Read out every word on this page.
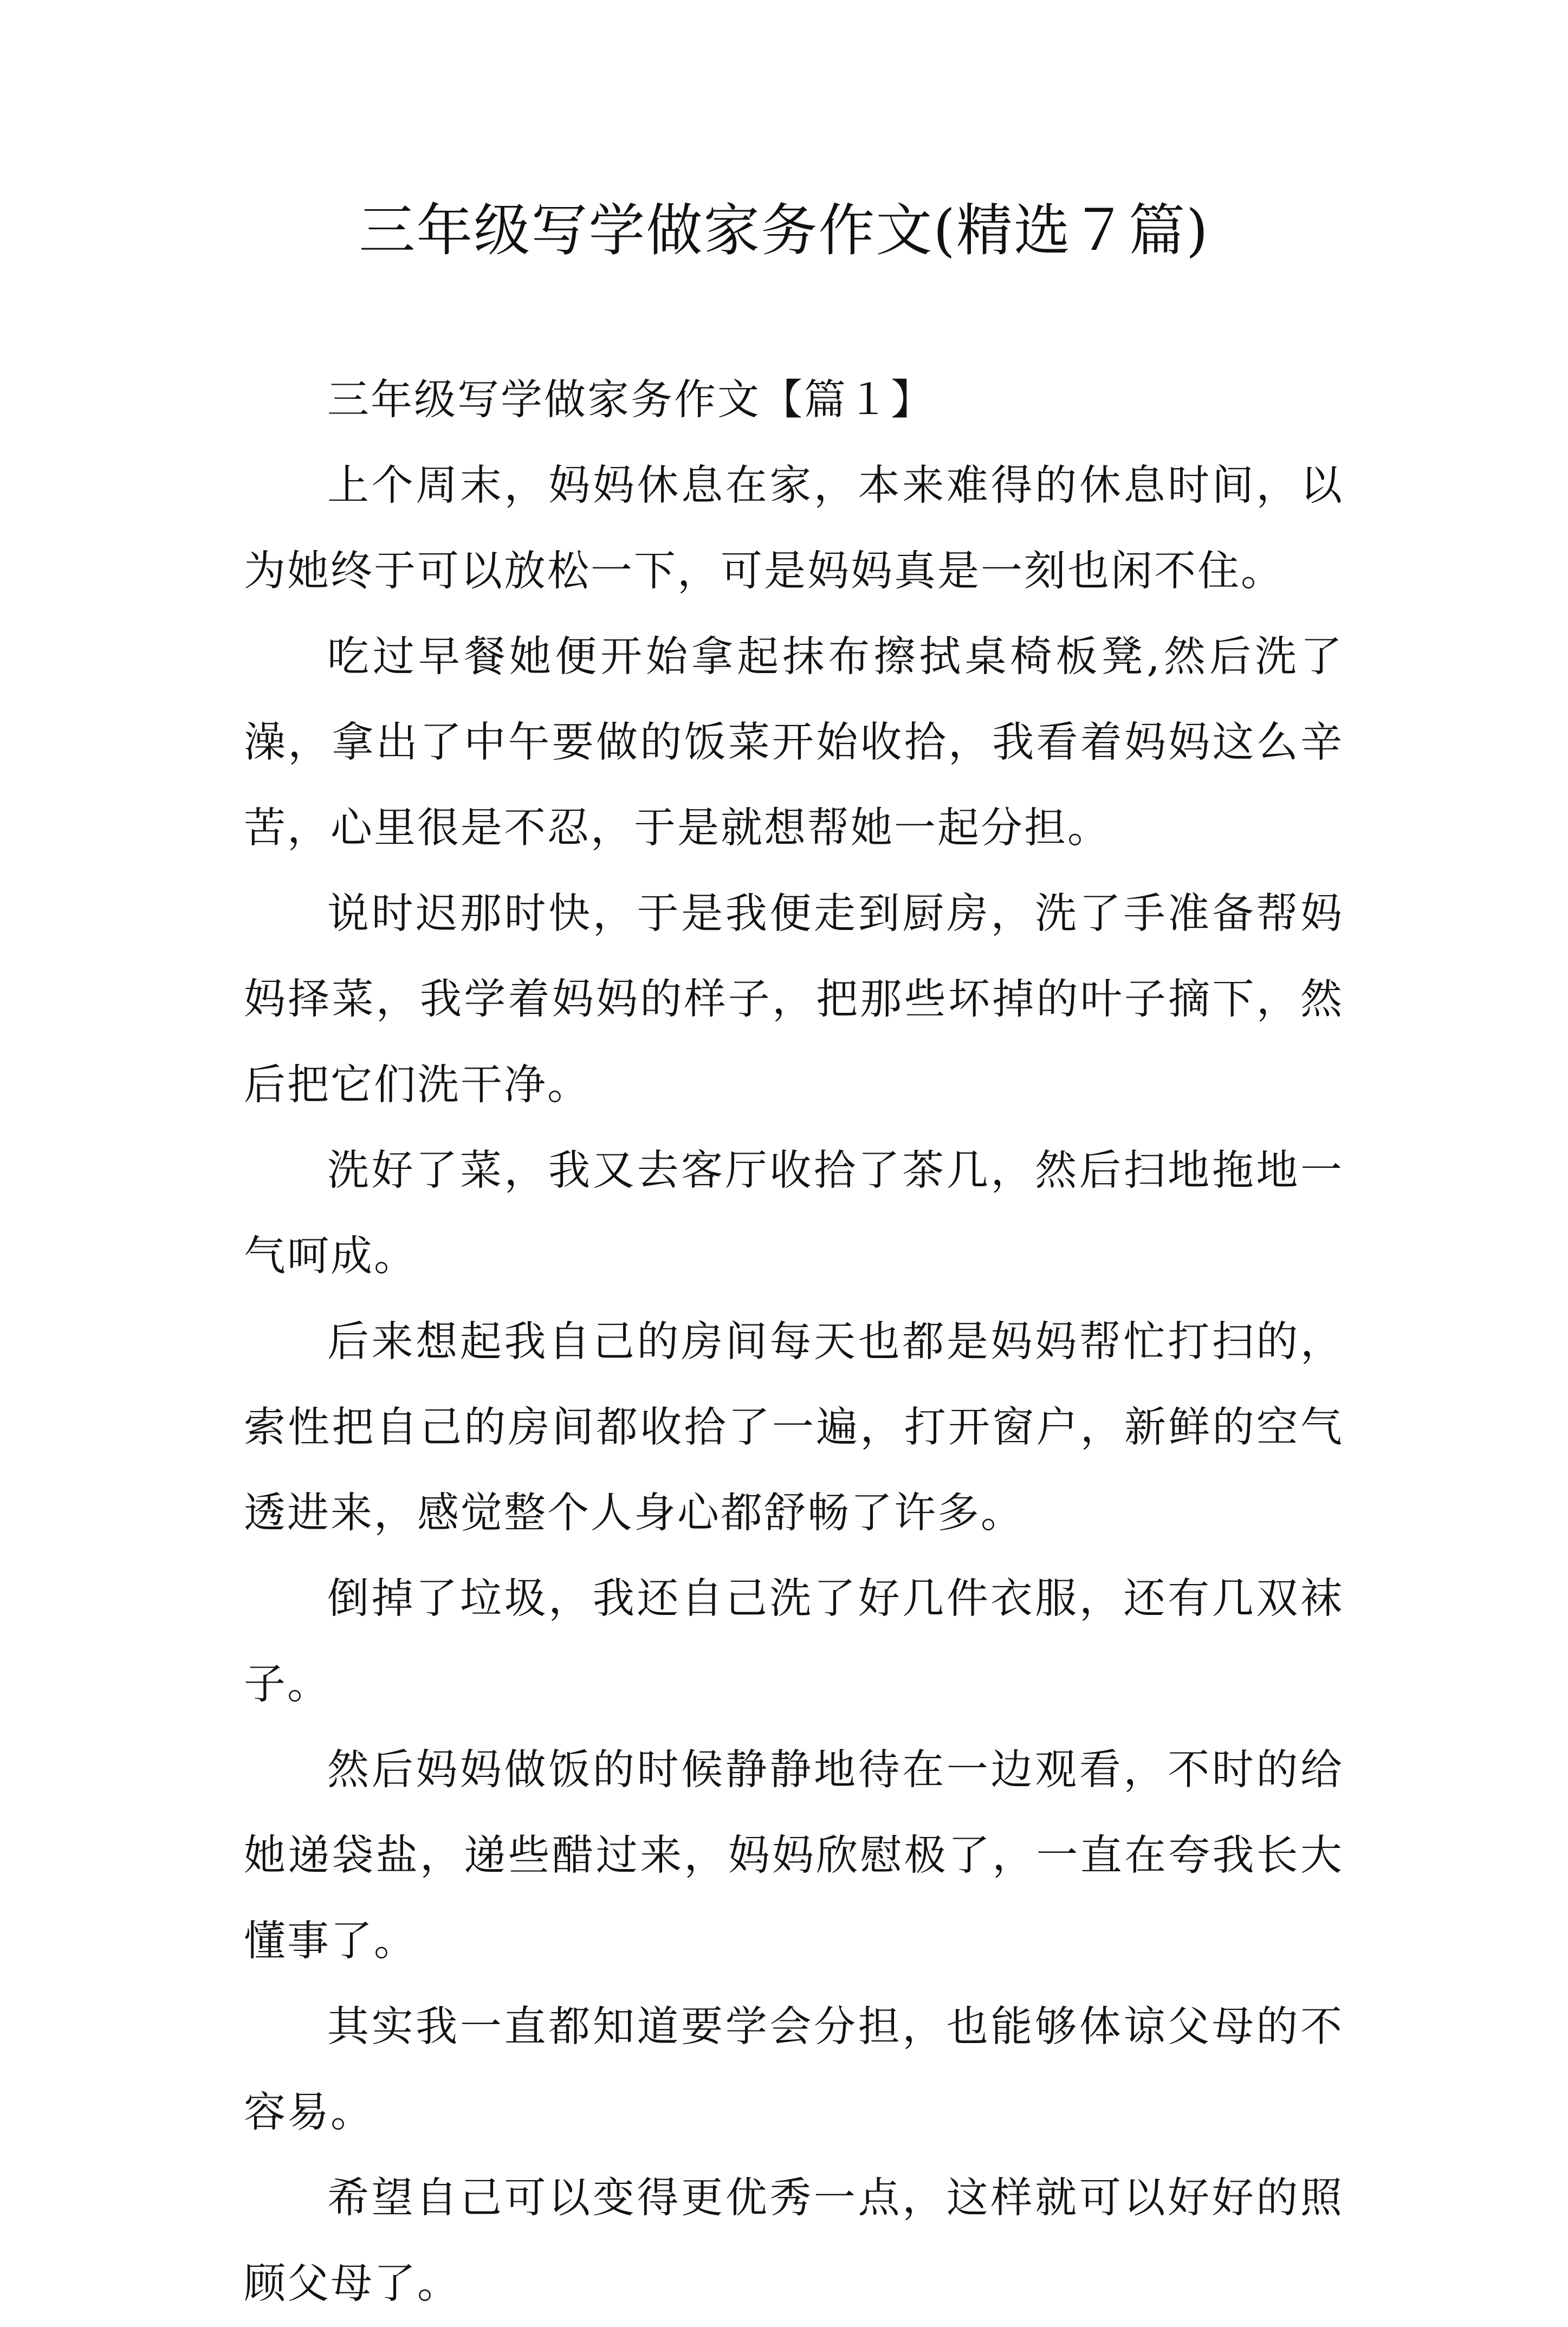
三年级写学做家务作文(精选７篇)

三年级写学做家务作文【篇１】

上个周末，妈妈休息在家，本来难得的休息时间，以为她终于可以放松一下，可是妈妈真是一刻也闲不住。

吃过早餐她便开始拿起抹布擦拭桌椅板凳,然后洗了澡，拿出了中午要做的饭菜开始收拾，我看着妈妈这么辛苦，心里很是不忍，于是就想帮她一起分担。

说时迟那时快，于是我便走到厨房，洗了手准备帮妈妈择菜，我学着妈妈的样子，把那些坏掉的叶子摘下，然后把它们洗干净。

洗好了菜，我又去客厅收拾了茶几，然后扫地拖地一气呵成。

后来想起我自己的房间每天也都是妈妈帮忙打扫的，索性把自己的房间都收拾了一遍，打开窗户，新鲜的空气透进来，感觉整个人身心都舒畅了许多。

倒掉了垃圾，我还自己洗了好几件衣服，还有几双袜子。

然后妈妈做饭的时候静静地待在一边观看，不时的给她递袋盐，递些醋过来，妈妈欣慰极了，一直在夸我长大懂事了。

其实我一直都知道要学会分担，也能够体谅父母的不容易。

希望自己可以变得更优秀一点，这样就可以好好的照顾父母了。
